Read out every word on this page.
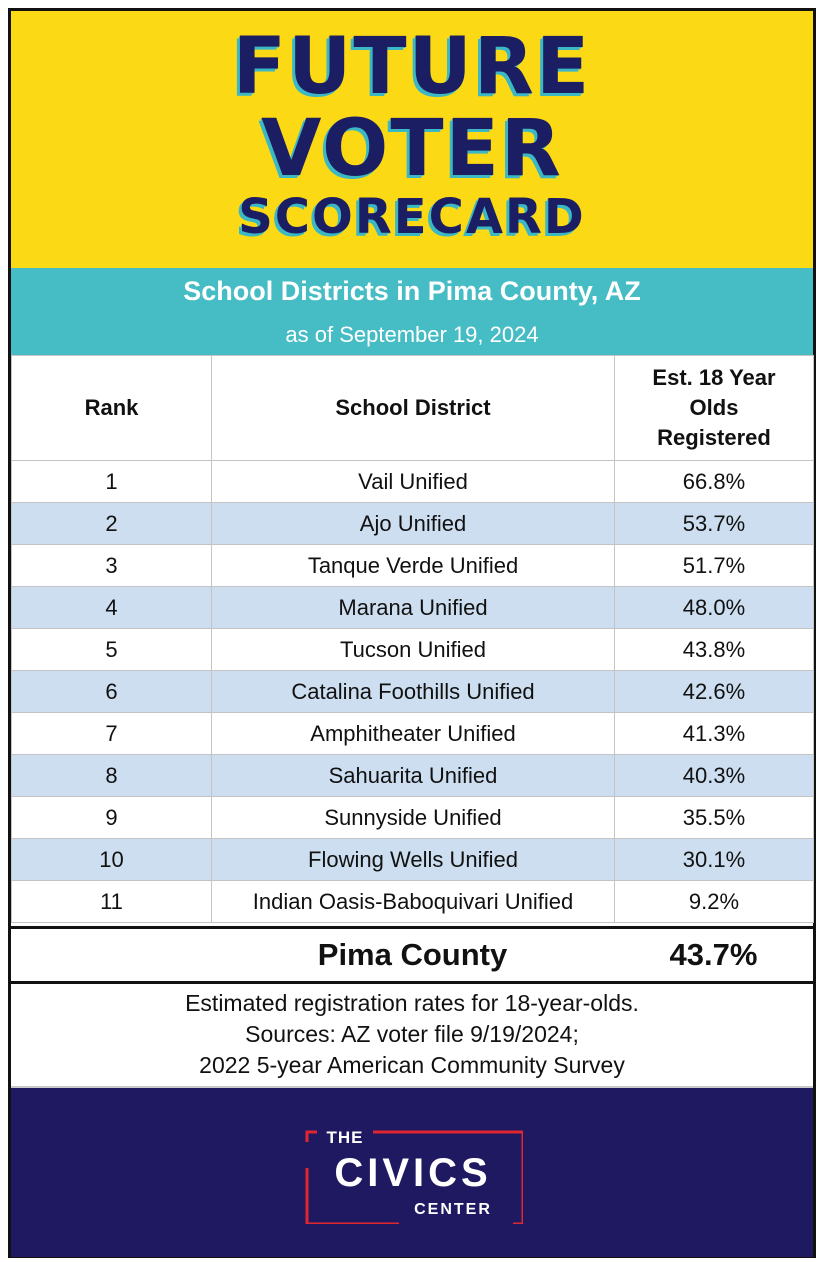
FUTURE
VOTER
SCORECARD
School Districts in Pima County, AZ
as of September 19, 2024
Rank	School District	Est. 18 Year Olds Registered

1	Vail Unified	66.8%
2	Ajo Unified	53.7%
3	Tanque Verde Unified	51.7%
4	Marana Unified	48.0%
5	Tucson Unified	43.8%
6	Catalina Foothills Unified	42.6%
7	Amphitheater Unified	41.3%
8	Sahuarita Unified	40.3%
9	Sunnyside Unified	35.5%
10	Flowing Wells Unified	30.1%
11	Indian Oasis-Baboquivari Unified	9.2%
Pima County	43.7%
Estimated registration rates for 18-year-olds.
Sources: AZ voter file 9/19/2024;
2022 5-year American Community Survey
THE
CIVICS
CENTER
